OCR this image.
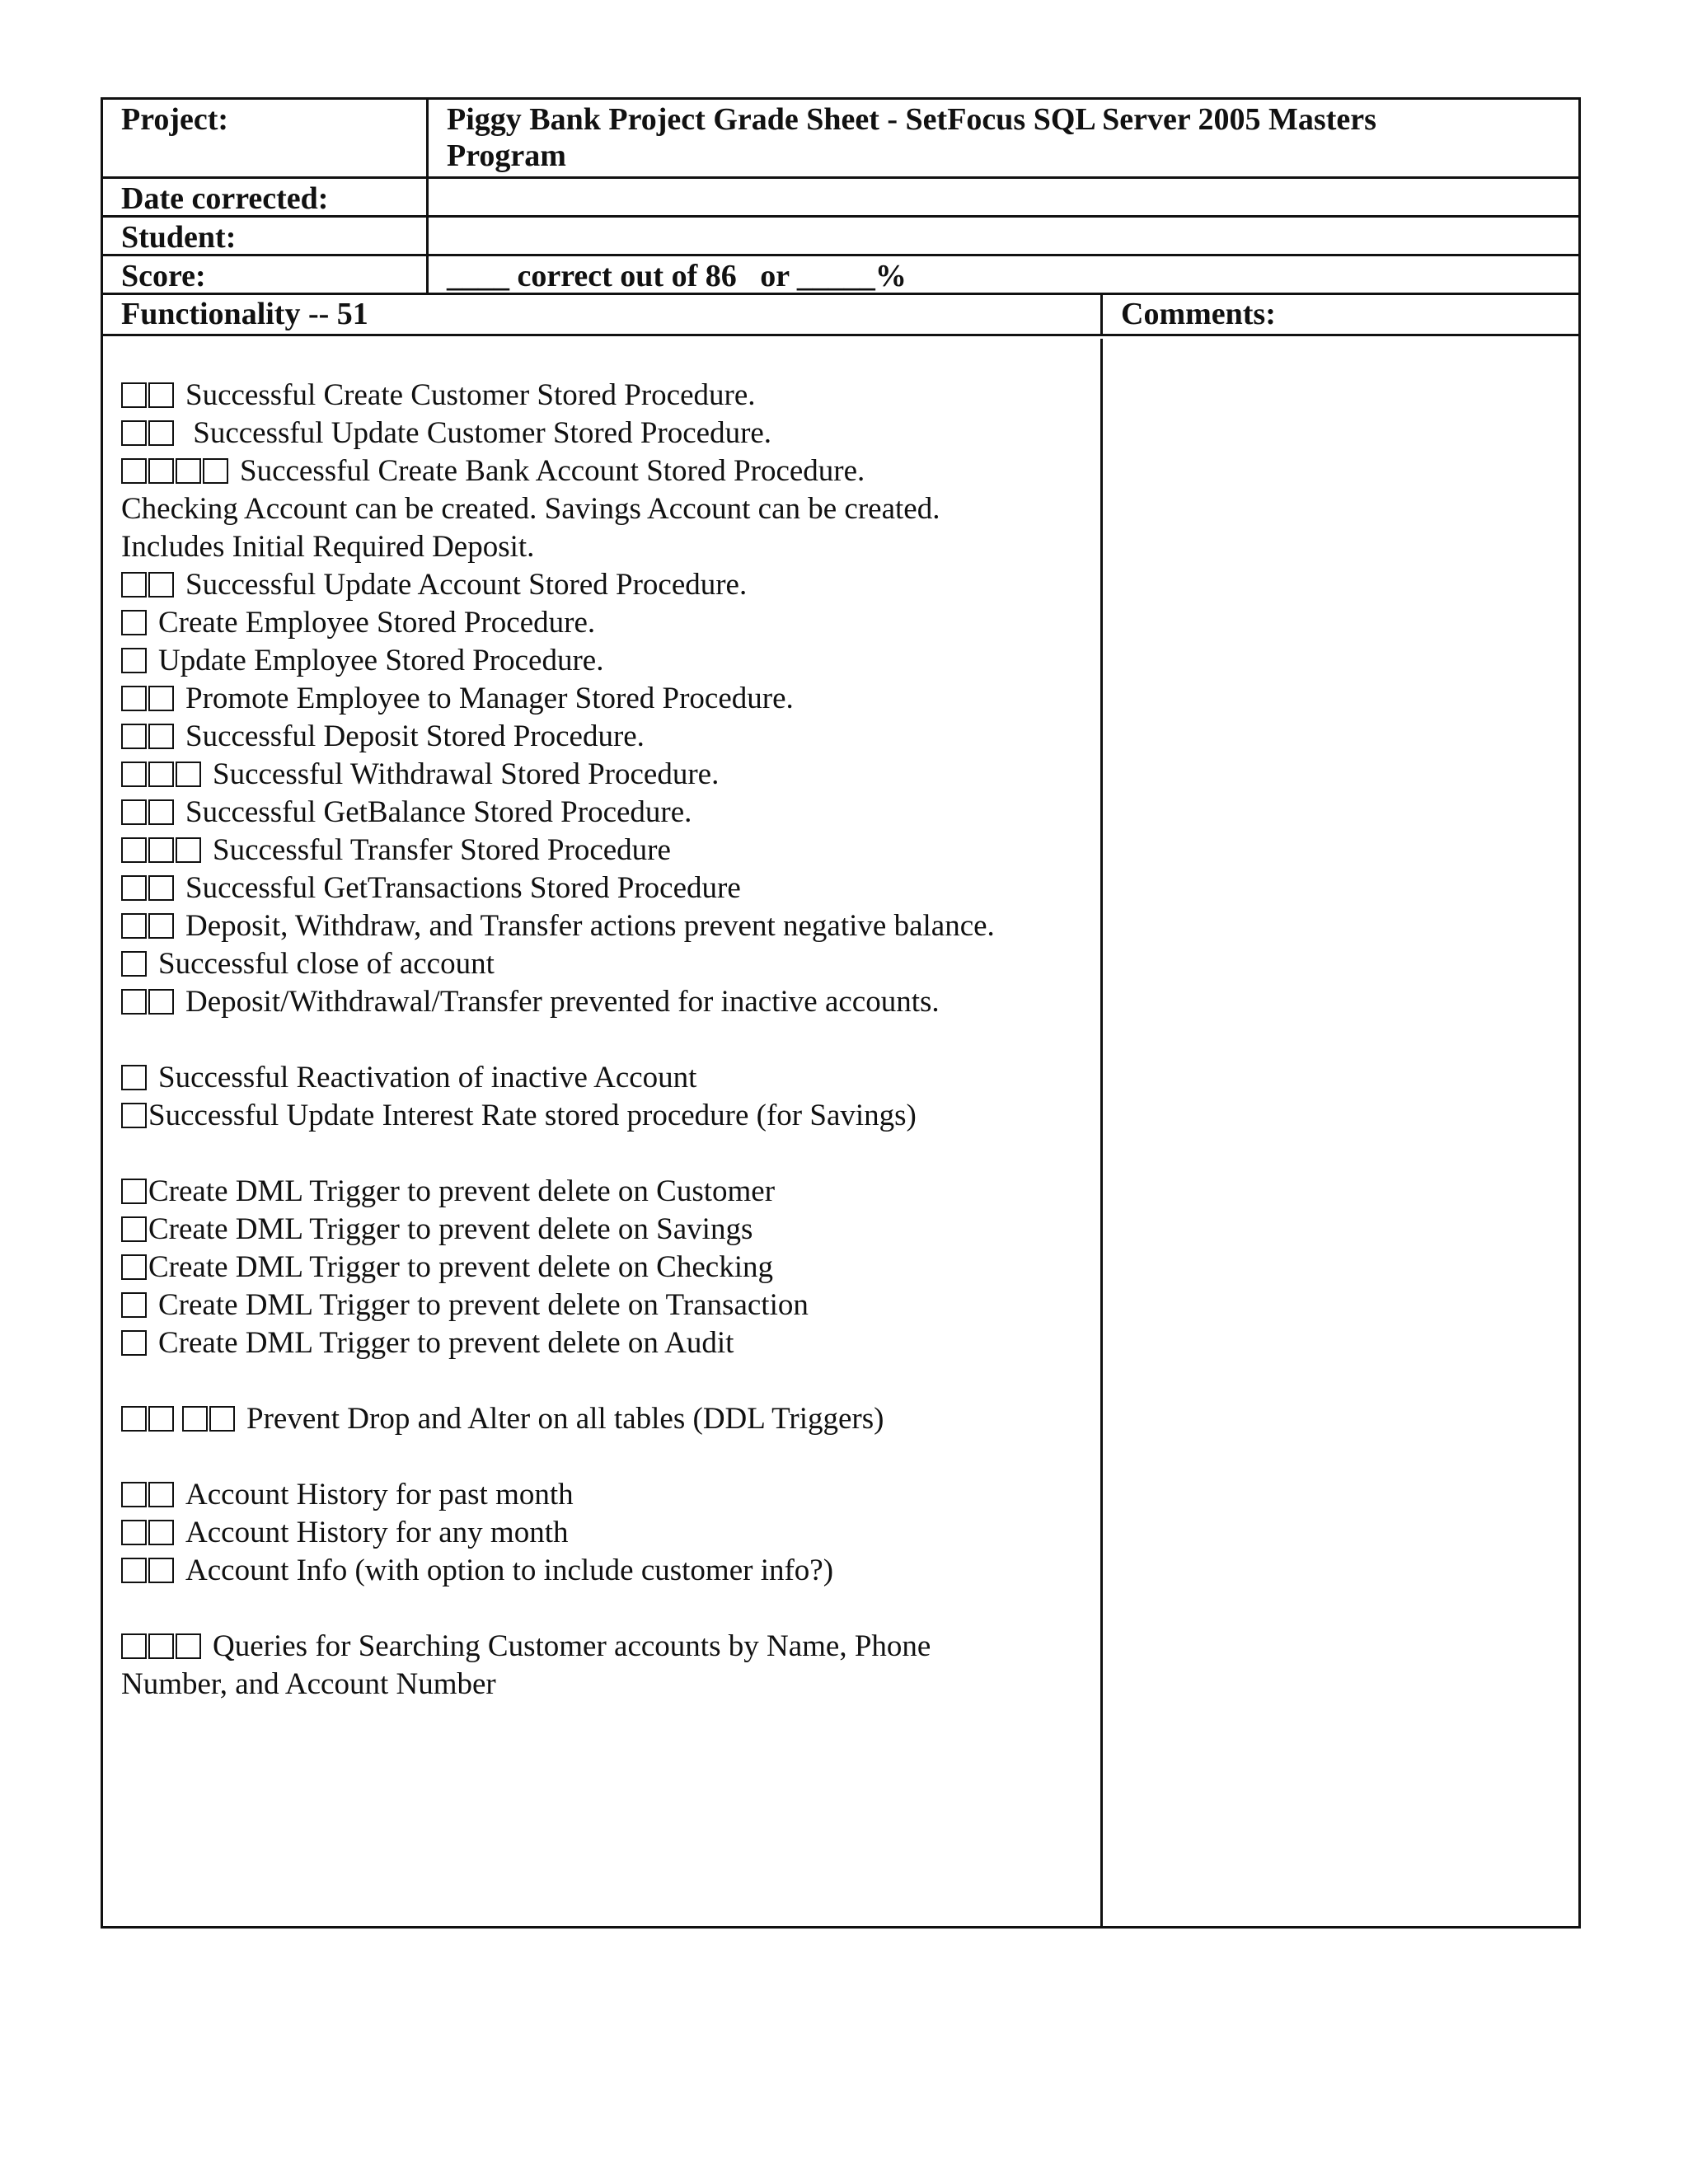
Project:	Piggy Bank Project Grade Sheet - SetFocus SQL Server 2005 Masters
Program
Date corrected:
Student:
Score:	____ correct out of 86   or _____%
Functionality -- 51	Comments:
Successful Create Customer Stored Procedure.
Successful Update Customer Stored Procedure.
Successful Create Bank Account Stored Procedure.
Checking Account can be created. Savings Account can be created.
Includes Initial Required Deposit.
Successful Update Account Stored Procedure.
Create Employee Stored Procedure.
Update Employee Stored Procedure.
Promote Employee to Manager Stored Procedure.
Successful Deposit Stored Procedure.
Successful Withdrawal Stored Procedure.
Successful GetBalance Stored Procedure.
Successful Transfer Stored Procedure
Successful GetTransactions Stored Procedure
Deposit, Withdraw, and Transfer actions prevent negative balance.
Successful close of account
Deposit/Withdrawal/Transfer prevented for inactive accounts.
Successful Reactivation of inactive Account
Successful Update Interest Rate stored procedure (for Savings)
Create DML Trigger to prevent delete on Customer
Create DML Trigger to prevent delete on Savings
Create DML Trigger to prevent delete on Checking
Create DML Trigger to prevent delete on Transaction
Create DML Trigger to prevent delete on Audit
Prevent Drop and Alter on all tables (DDL Triggers)
Account History for past month
Account History for any month
Account Info (with option to include customer info?)
Queries for Searching Customer accounts by Name, Phone
Number, and Account Number
